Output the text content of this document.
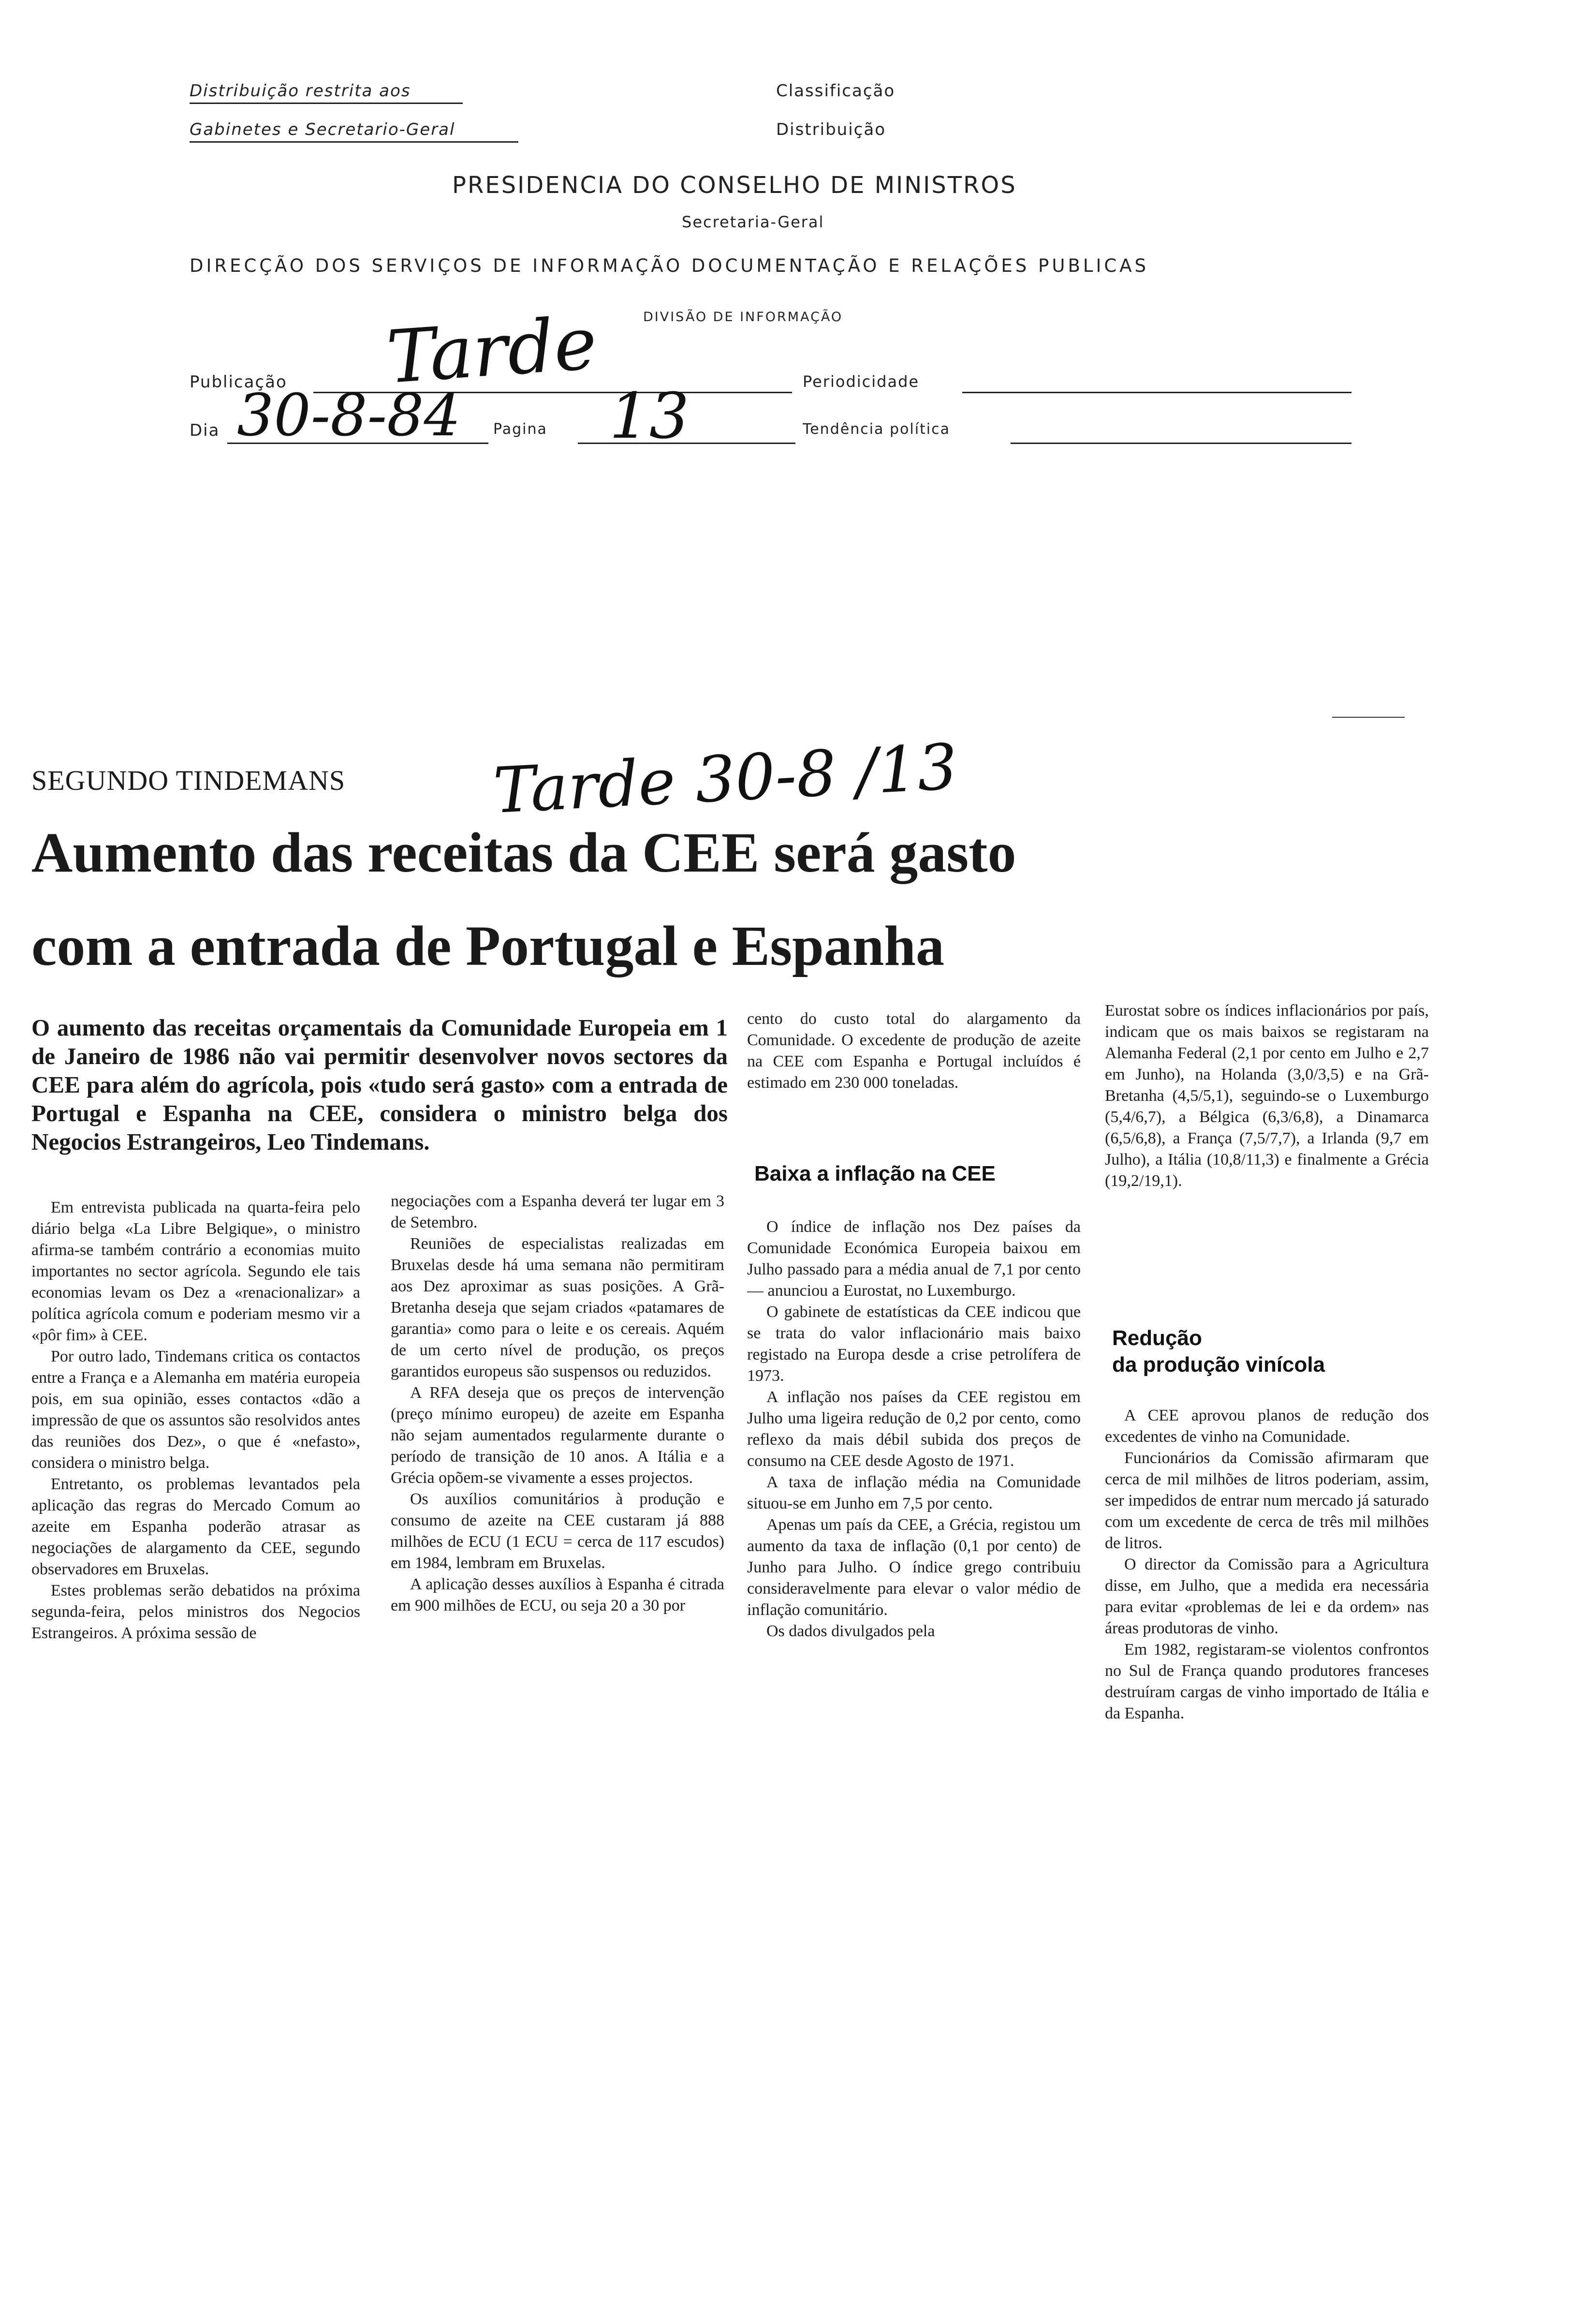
Distribuição restrita aos
Gabinetes e Secretario-Geral
Classificação
Distribuição
PRESIDENCIA DO CONSELHO DE MINISTROS
Secretaria-Geral
DIRECÇÃO DOS SERVIÇOS DE INFORMAÇÃO DOCUMENTAÇÃO E RELAÇÕES PUBLICAS
DIVISÃO DE INFORMAÇÃO
Publicação Tarde	Periodicidade
Dia 30-8-84 Pagina 13	Tendência política
SEGUNDO TINDEMANS Tarde 30-8 /13
Aumento das receitas da CEE será gasto
com a entrada de Portugal e Espanha
O aumento das receitas orçamentais da Comunidade Europeia em 1 de Janeiro de 1986 não vai permitir desenvolver novos sectores da CEE para além do agrícola, pois «tudo será gasto» com a entrada de Portugal e Espanha na CEE, considera o ministro belga dos Negocios Estrangeiros, Leo Tindemans.

Em entrevista publicada na quarta-feira pelo diário belga «La Libre Belgique», o ministro afirma-se também contrário a economias muito importantes no sector agrícola. Segundo ele tais economias levam os Dez a «renacionalizar» a política agrícola comum e poderiam mesmo vir a «pôr fim» à CEE.

Por outro lado, Tindemans critica os contactos entre a França e a Alemanha em matéria europeia pois, em sua opinião, esses contactos «dão a impressão de que os assuntos são resolvidos antes das reuniões dos Dez», o que é «nefasto», considera o ministro belga.

Entretanto, os problemas levantados pela aplicação das regras do Mercado Comum ao azeite em Espanha poderão atrasar as negociações de alargamento da CEE, segundo observadores em Bruxelas.

Estes problemas serão debatidos na próxima segunda-feira, pelos ministros dos Negocios Estrangeiros. A próxima sessão de

negociações com a Espanha deverá ter lugar em 3 de Setembro.

Reuniões de especialistas realizadas em Bruxelas desde há uma semana não permitiram aos Dez aproximar as suas posições. A Grã-Bretanha deseja que sejam criados «patamares de garantia» como para o leite e os cereais. Aquém de um certo nível de produção, os preços garantidos europeus são suspensos ou reduzidos.

A RFA deseja que os preços de intervenção (preço mínimo europeu) de azeite em Espanha não sejam aumentados regularmente durante o período de transição de 10 anos. A Itália e a Grécia opõem-se vivamente a esses projectos.

Os auxílios comunitários à produção e consumo de azeite na CEE custaram já 888 milhões de ECU (1 ECU = cerca de 117 escudos) em 1984, lembram em Bruxelas.

A aplicação desses auxílios à Espanha é citrada em 900 milhões de ECU, ou seja 20 a 30 por

cento do custo total do alargamento da Comunidade. O excedente de produção de azeite na CEE com Espanha e Portugal incluídos é estimado em 230 000 toneladas.

Baixa a inflação na CEE

O índice de inflação nos Dez países da Comunidade Económica Europeia baixou em Julho passado para a média anual de 7,1 por cento — anunciou a Eurostat, no Luxemburgo.

O gabinete de estatísticas da CEE indicou que se trata do valor inflacionário mais baixo registado na Europa desde a crise petrolífera de 1973.

A inflação nos países da CEE registou em Julho uma ligeira redução de 0,2 por cento, como reflexo da mais débil subida dos preços de consumo na CEE desde Agosto de 1971.

A taxa de inflação média na Comunidade situou-se em Junho em 7,5 por cento.

Apenas um país da CEE, a Grécia, registou um aumento da taxa de inflação (0,1 por cento) de Junho para Julho. O índice grego contribuiu consideravelmente para elevar o valor médio de inflação comunitário.

Os dados divulgados pela

Eurostat sobre os índices inflacionários por país, indicam que os mais baixos se registaram na Alemanha Federal (2,1 por cento em Julho e 2,7 em Junho), na Holanda (3,0/3,5) e na Grã-Bretanha (4,5/5,1), seguindo-se o Luxemburgo (5,4/6,7), a Bélgica (6,3/6,8), a Dinamarca (6,5/6,8), a França (7,5/7,7), a Irlanda (9,7 em Julho), a Itália (10,8/11,3) e finalmente a Grécia (19,2/19,1).

Redução
da produção vinícola

A CEE aprovou planos de redução dos excedentes de vinho na Comunidade.

Funcionários da Comissão afirmaram que cerca de mil milhões de litros poderiam, assim, ser impedidos de entrar num mercado já saturado com um excedente de cerca de três mil milhões de litros.

O director da Comissão para a Agricultura disse, em Julho, que a medida era necessária para evitar «problemas de lei e da ordem» nas áreas produtoras de vinho.

Em 1982, registaram-se violentos confrontos no Sul de França quando produtores franceses destruíram cargas de vinho importado de Itália e da Espanha.
